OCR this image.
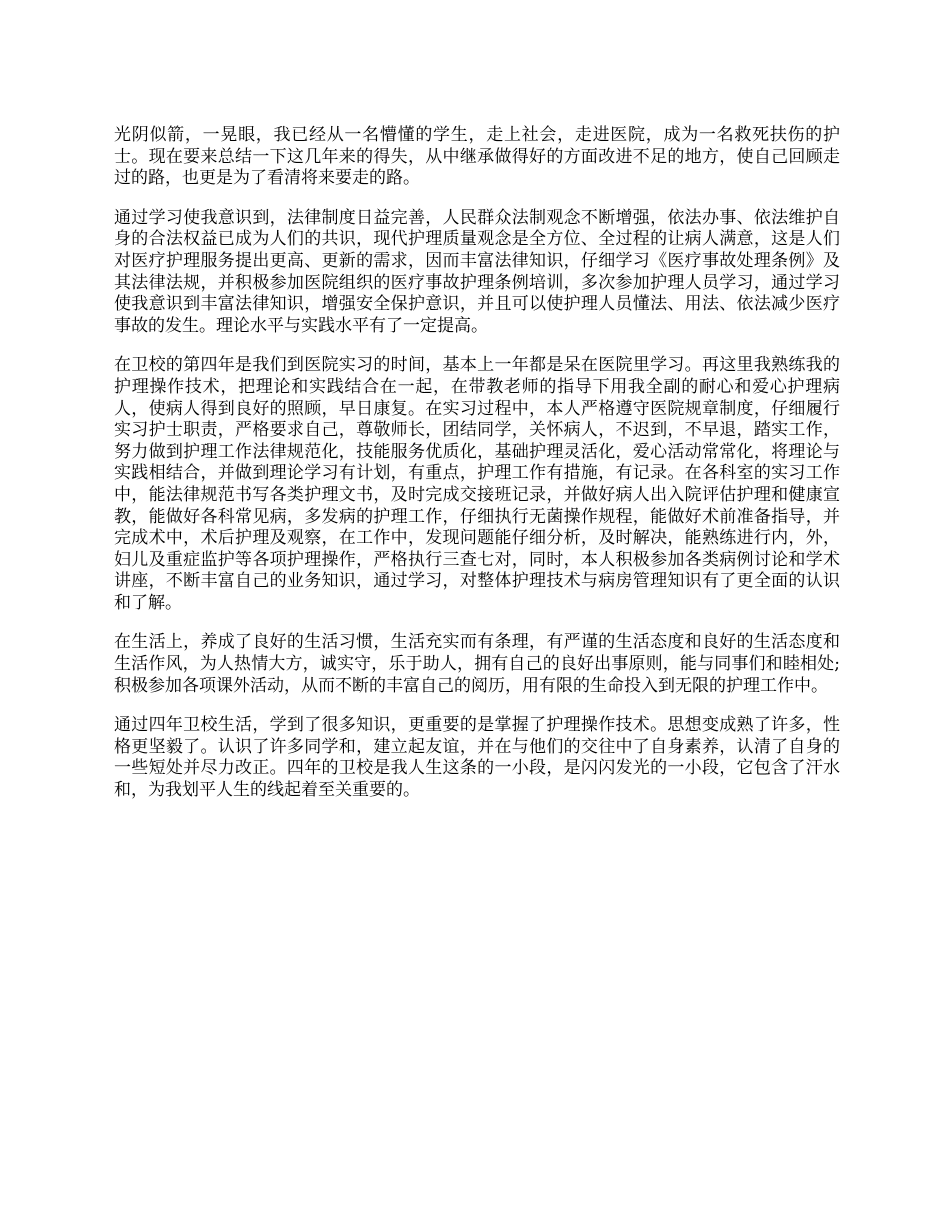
光阴似箭，一晃眼，我已经从一名懵懂的学生，走上社会，走进医院，成为一名救死扶伤的护士。现在要来总结一下这几年来的得失，从中继承做得好的方面改进不足的地方，使自己回顾走过的路，也更是为了看清将来要走的路。

通过学习使我意识到，法律制度日益完善，人民群众法制观念不断增强，依法办事、依法维护自身的合法权益已成为人们的共识，现代护理质量观念是全方位、全过程的让病人满意，这是人们对医疗护理服务提出更高、更新的需求，因而丰富法律知识，仔细学习《医疗事故处理条例》及其法律法规，并积极参加医院组织的医疗事故护理条例培训，多次参加护理人员学习，通过学习使我意识到丰富法律知识，增强安全保护意识，并且可以使护理人员懂法、用法、依法减少医疗事故的发生。理论水平与实践水平有了一定提高。

在卫校的第四年是我们到医院实习的时间，基本上一年都是呆在医院里学习。再这里我熟练我的护理操作技术，把理论和实践结合在一起，在带教老师的指导下用我全副的耐心和爱心护理病人，使病人得到良好的照顾，早日康复。在实习过程中，本人严格遵守医院规章制度，仔细履行实习护士职责，严格要求自己，尊敬师长，团结同学，关怀病人，不迟到，不早退，踏实工作，努力做到护理工作法律规范化，技能服务优质化，基础护理灵活化，爱心活动常常化，将理论与实践相结合，并做到理论学习有计划，有重点，护理工作有措施，有记录。在各科室的实习工作中，能法律规范书写各类护理文书，及时完成交接班记录，并做好病人出入院评估护理和健康宣教，能做好各科常见病，多发病的护理工作，仔细执行无菌操作规程，能做好术前准备指导，并完成术中，术后护理及观察，在工作中，发现问题能仔细分析，及时解决，能熟练进行内，外，妇儿及重症监护等各项护理操作，严格执行三查七对，同时，本人积极参加各类病例讨论和学术讲座，不断丰富自己的业务知识，通过学习，对整体护理技术与病房管理知识有了更全面的认识和了解。

在生活上，养成了良好的生活习惯，生活充实而有条理，有严谨的生活态度和良好的生活态度和生活作风，为人热情大方，诚实守，乐于助人，拥有自己的良好出事原则，能与同事们和睦相处;积极参加各项课外活动，从而不断的丰富自己的阅历，用有限的生命投入到无限的护理工作中。

通过四年卫校生活，学到了很多知识，更重要的是掌握了护理操作技术。思想变成熟了许多，性格更坚毅了。认识了许多同学和，建立起友谊，并在与他们的交往中了自身素养，认清了自身的一些短处并尽力改正。四年的卫校是我人生这条的一小段，是闪闪发光的一小段，它包含了汗水和，为我划平人生的线起着至关重要的。
